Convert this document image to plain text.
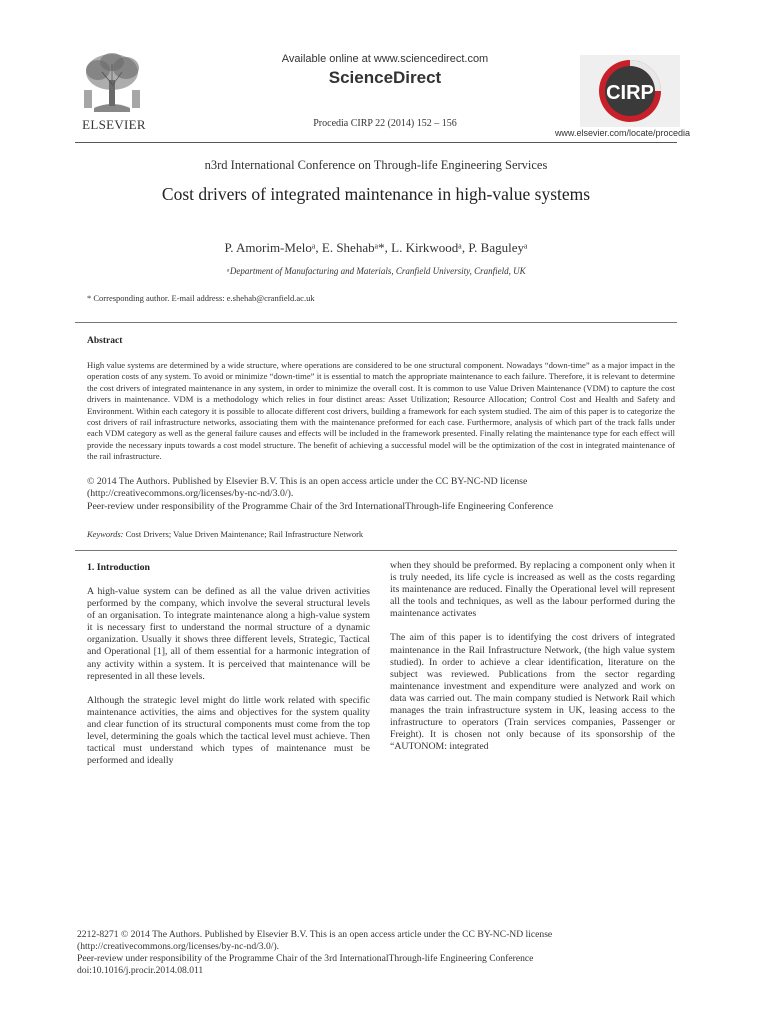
ELSEVIER
Available online at www.sciencedirect.com
ScienceDirect
Procedia CIRP 22 (2014) 152 – 156
CIRP
www.elsevier.com/locate/procedia
n3rd International Conference on Through-life Engineering Services
Cost drivers of integrated maintenance in high-value systems
P. Amorim-Meloᵃ, E. Shehabᵃ*, L. Kirkwoodᵃ, P. Baguleyᵃ
ᵃDepartment of Manufacturing and Materials, Cranfield University, Cranfield, UK
* Corresponding author. E-mail address: e.shehab@cranfield.ac.uk
Abstract
High value systems are determined by a wide structure, where operations are considered to be one structural component. Nowadays “down-time” as a major impact in the operation costs of any system. To avoid or minimize “down-time” it is essential to match the appropriate maintenance to each failure. Therefore, it is relevant to determine the cost drivers of integrated maintenance in any system, in order to minimize the overall cost. It is common to use Value Driven Maintenance (VDM) to capture the cost drivers in maintenance. VDM is a methodology which relies in four distinct areas: Asset Utilization; Resource Allocation; Control Cost and Health and Safety and Environment. Within each category it is possible to allocate different cost drivers, building a framework for each system studied. The aim of this paper is to categorize the cost drivers of rail infrastructure networks, associating them with the maintenance preformed for each case. Furthermore, analysis of which part of the track falls under each VDM category as well as the general failure causes and effects will be included in the framework presented. Finally relating the maintenance type for each effect will provide the necessary inputs towards a cost model structure. The benefit of achieving a successful model will be the optimization of the cost in integrated maintenance of the rail infrastructure.
© 2014 The Authors. Published by Elsevier B.V. This is an open access article under the CC BY-NC-ND license
(http://creativecommons.org/licenses/by-nc-nd/3.0/).
Peer-review under responsibility of the Programme Chair of the 3rd InternationalThrough-life Engineering Conference
Keywords: Cost Drivers; Value Driven Maintenance; Rail Infrastructure Network
1. Introduction

A high-value system can be defined as all the value driven activities performed by the company, which involve the several structural levels of an organisation. To integrate maintenance along a high-value system it is necessary first to understand the normal structure of a dynamic organization. Usually it shows three different levels, Strategic, Tactical and Operational [1], all of them essential for a harmonic integration of any activity within a system. It is perceived that maintenance will be represented in all these levels.

Although the strategic level might do little work related with specific maintenance activities, the aims and objectives for the system quality and clear function of its structural components must come from the top level, determining the goals which the tactical level must achieve. Then tactical must understand which types of maintenance must be performed and ideally

when they should be preformed. By replacing a component only when it is truly needed, its life cycle is increased as well as the costs regarding its maintenance are reduced. Finally the Operational level will represent all the tools and techniques, as well as the labour performed during the maintenance activates

The aim of this paper is to identifying the cost drivers of integrated maintenance in the Rail Infrastructure Network, (the high value system studied). In order to achieve a clear identification, literature on the subject was reviewed. Publications from the sector regarding maintenance investment and expenditure were analyzed and work on data was carried out. The main company studied is Network Rail which manages the train infrastructure system in UK, leasing access to the infrastructure to operators (Train services companies, Passenger or Freight). It is chosen not only because of its sponsorship of the “AUTONOM: integrated

2212-8271 © 2014 The Authors. Published by Elsevier B.V. This is an open access article under the CC BY-NC-ND license
(http://creativecommons.org/licenses/by-nc-nd/3.0/).
Peer-review under responsibility of the Programme Chair of the 3rd InternationalThrough-life Engineering Conference
doi:10.1016/j.procir.2014.08.011
